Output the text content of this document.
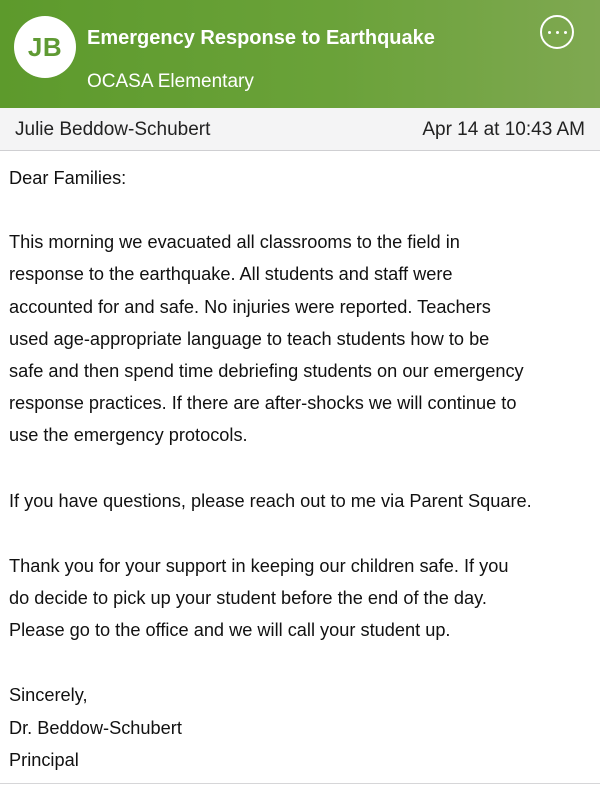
JB	Emergency Response to Earthquake
OCASA Elementary
Julie Beddow-Schubert	Apr 14 at 10:43 AM

Dear Families:

This morning we evacuated all classrooms to the field in
response to the earthquake. All students and staff were
accounted for and safe. No injuries were reported. Teachers
used age-appropriate language to teach students how to be
safe and then spend time debriefing students on our emergency
response practices. If there are after-shocks we will continue to
use the emergency protocols.

If you have questions, please reach out to me via Parent Square.

Thank you for your support in keeping our children safe. If you
do decide to pick up your student before the end of the day.
Please go to the office and we will call your student up.

Sincerely,

Dr. Beddow-Schubert

Principal
